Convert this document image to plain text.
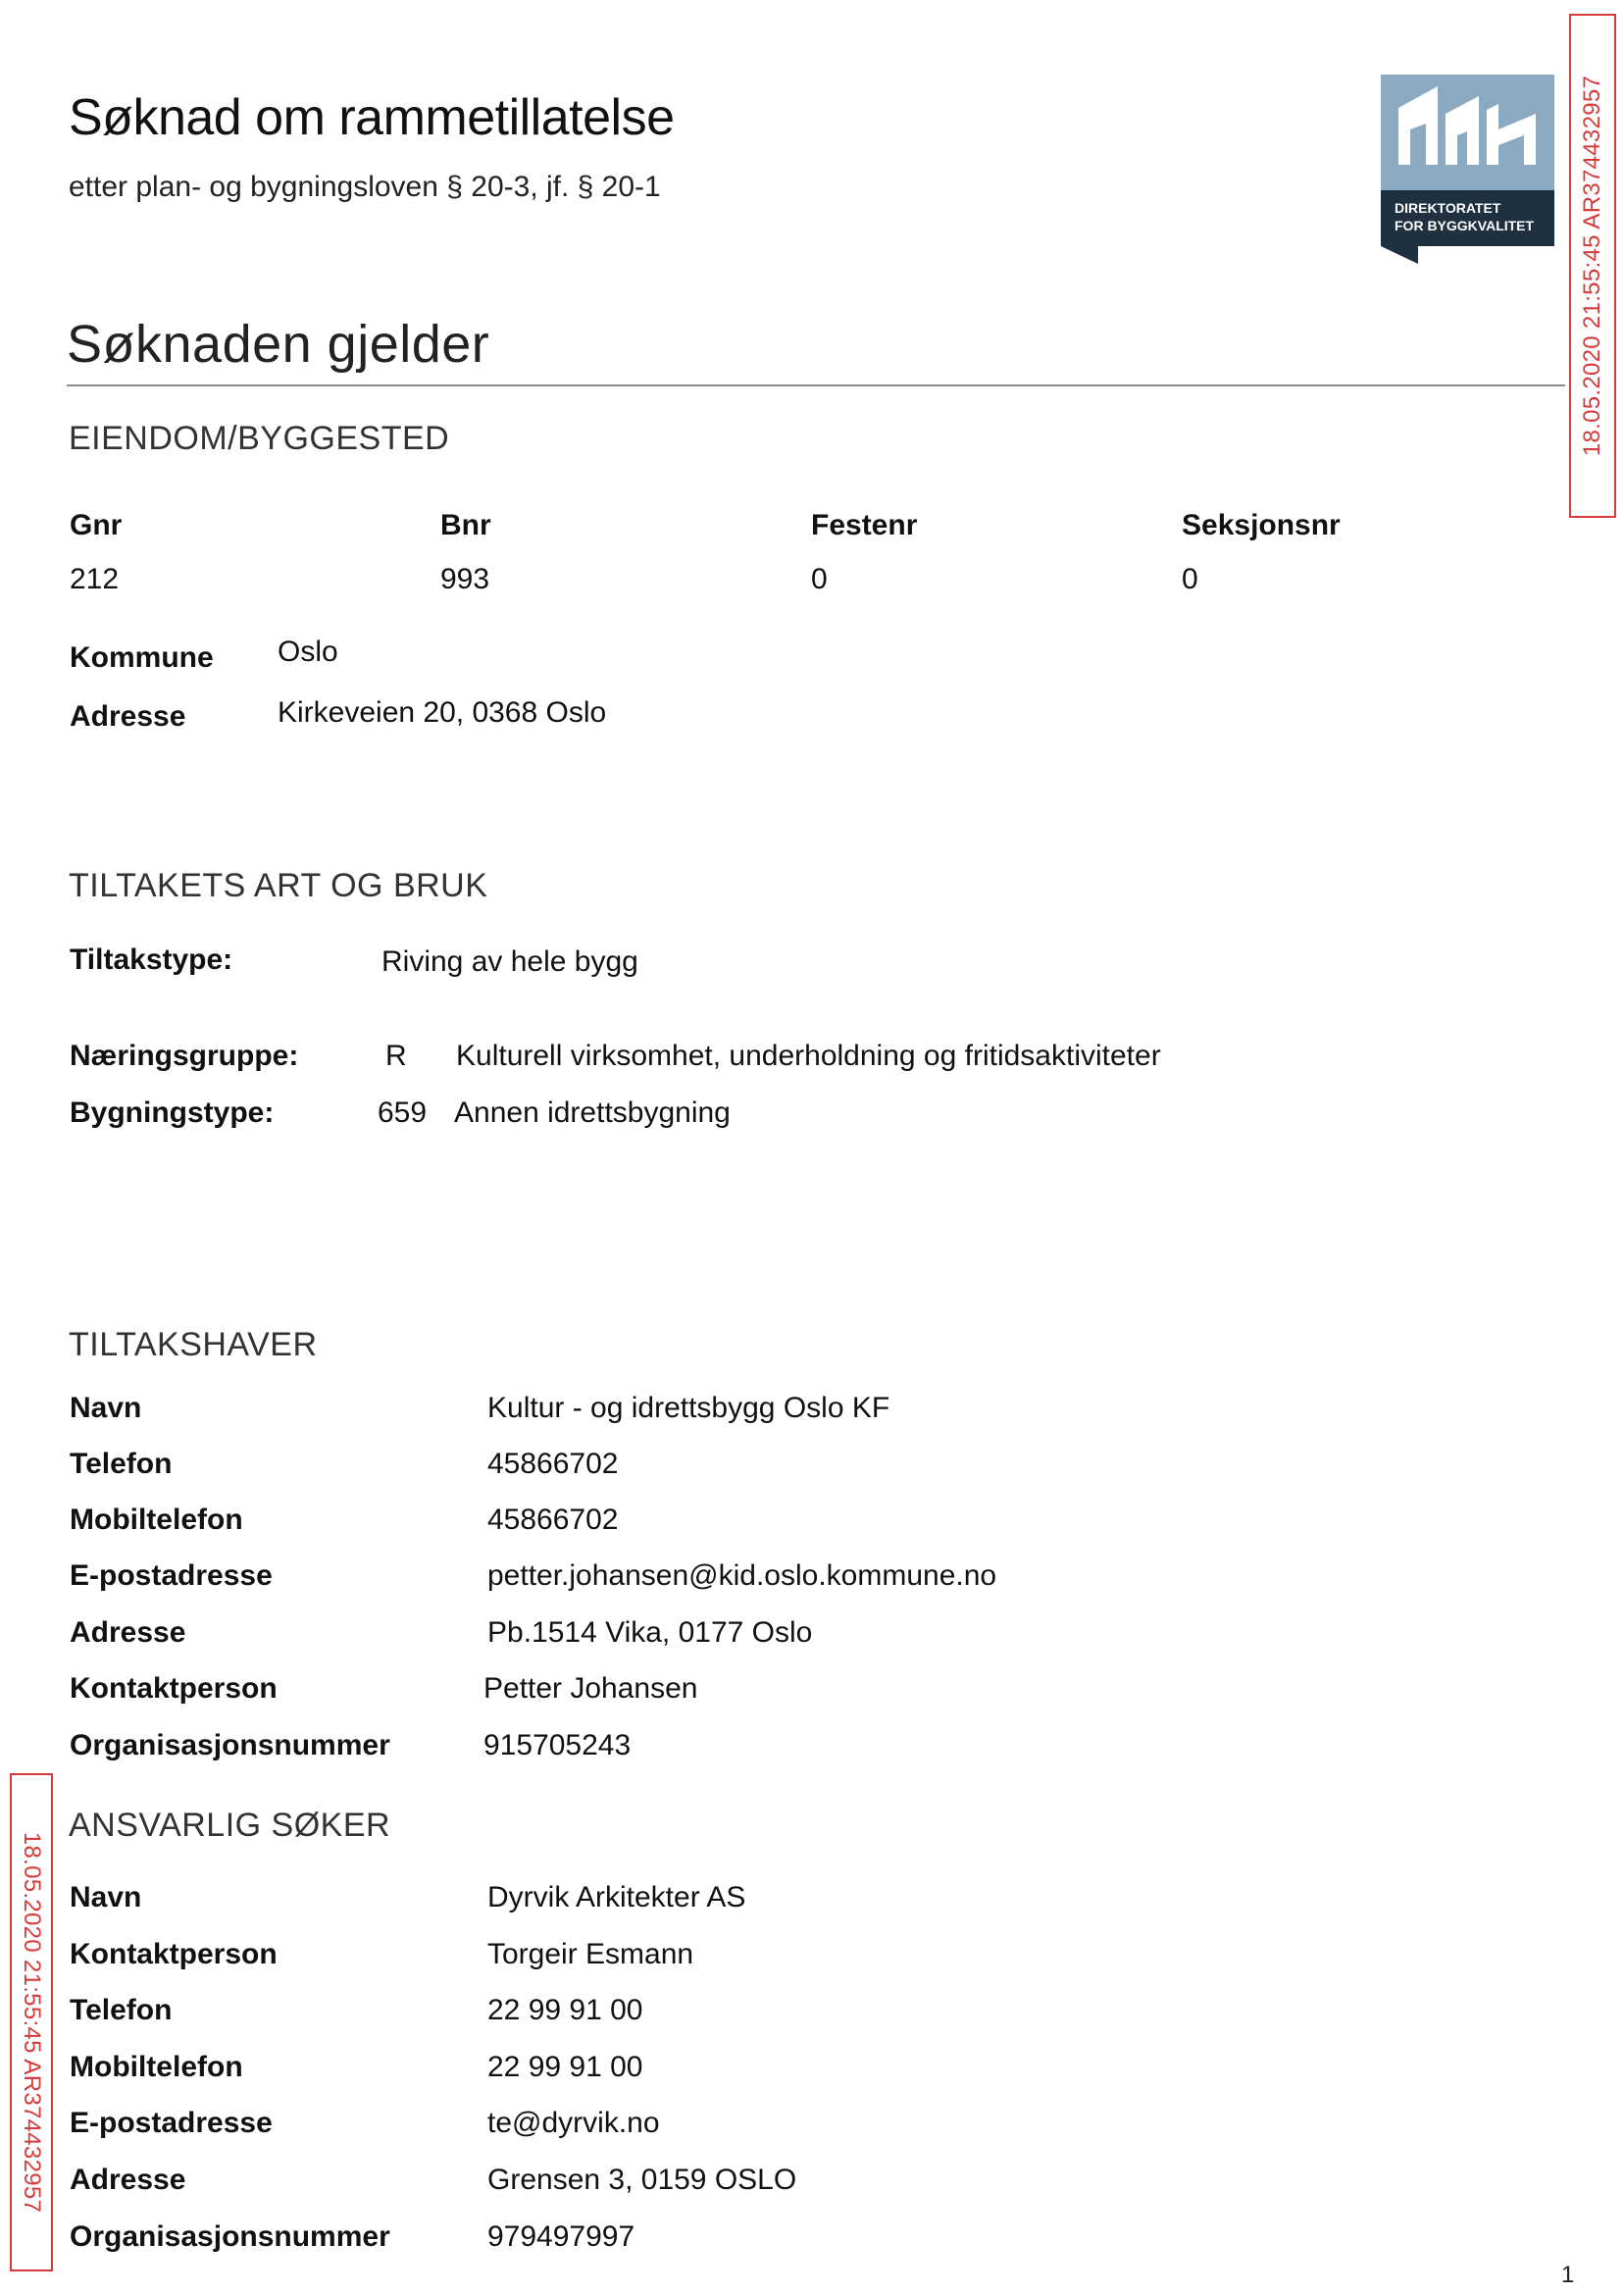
Søknad om rammetillatelse
etter plan- og bygningsloven § 20-3, jf. § 20-1
DIREKTORATET
FOR BYGGKVALITET 18.05.2020 21:55:45 AR374432957
18.05.2020 21:55:45 AR374432957
Søknaden gjelder
EIENDOM/BYGGESTED
Gnr	Bnr	Festenr	Seksjonsnr
212	993	0	0
Kommune Oslo
Adresse	Kirkeveien 20, 0368 Oslo
TILTAKETS ART OG BRUK
Tiltakstype:	Riving av hele bygg
Næringsgruppe:	R Kulturell virksomhet, underholdning og fritidsaktiviteter
Bygningstype:	659 Annen idrettsbygning
TILTAKSHAVER
Navn	Kultur - og idrettsbygg Oslo KF
Telefon	45866702
Mobiltelefon	45866702
E-postadresse	petter.johansen@kid.oslo.kommune.no
Adresse	Pb.1514 Vika, 0177 Oslo
Kontaktperson	Petter Johansen
Organisasjonsnummer	915705243
ANSVARLIG SØKER
Navn	Dyrvik Arkitekter AS
Kontaktperson	Torgeir Esmann
Telefon	22 99 91 00
Mobiltelefon	22 99 91 00
E-postadresse	te@dyrvik.no
Adresse	Grensen 3, 0159 OSLO
Organisasjonsnummer	979497997
1
